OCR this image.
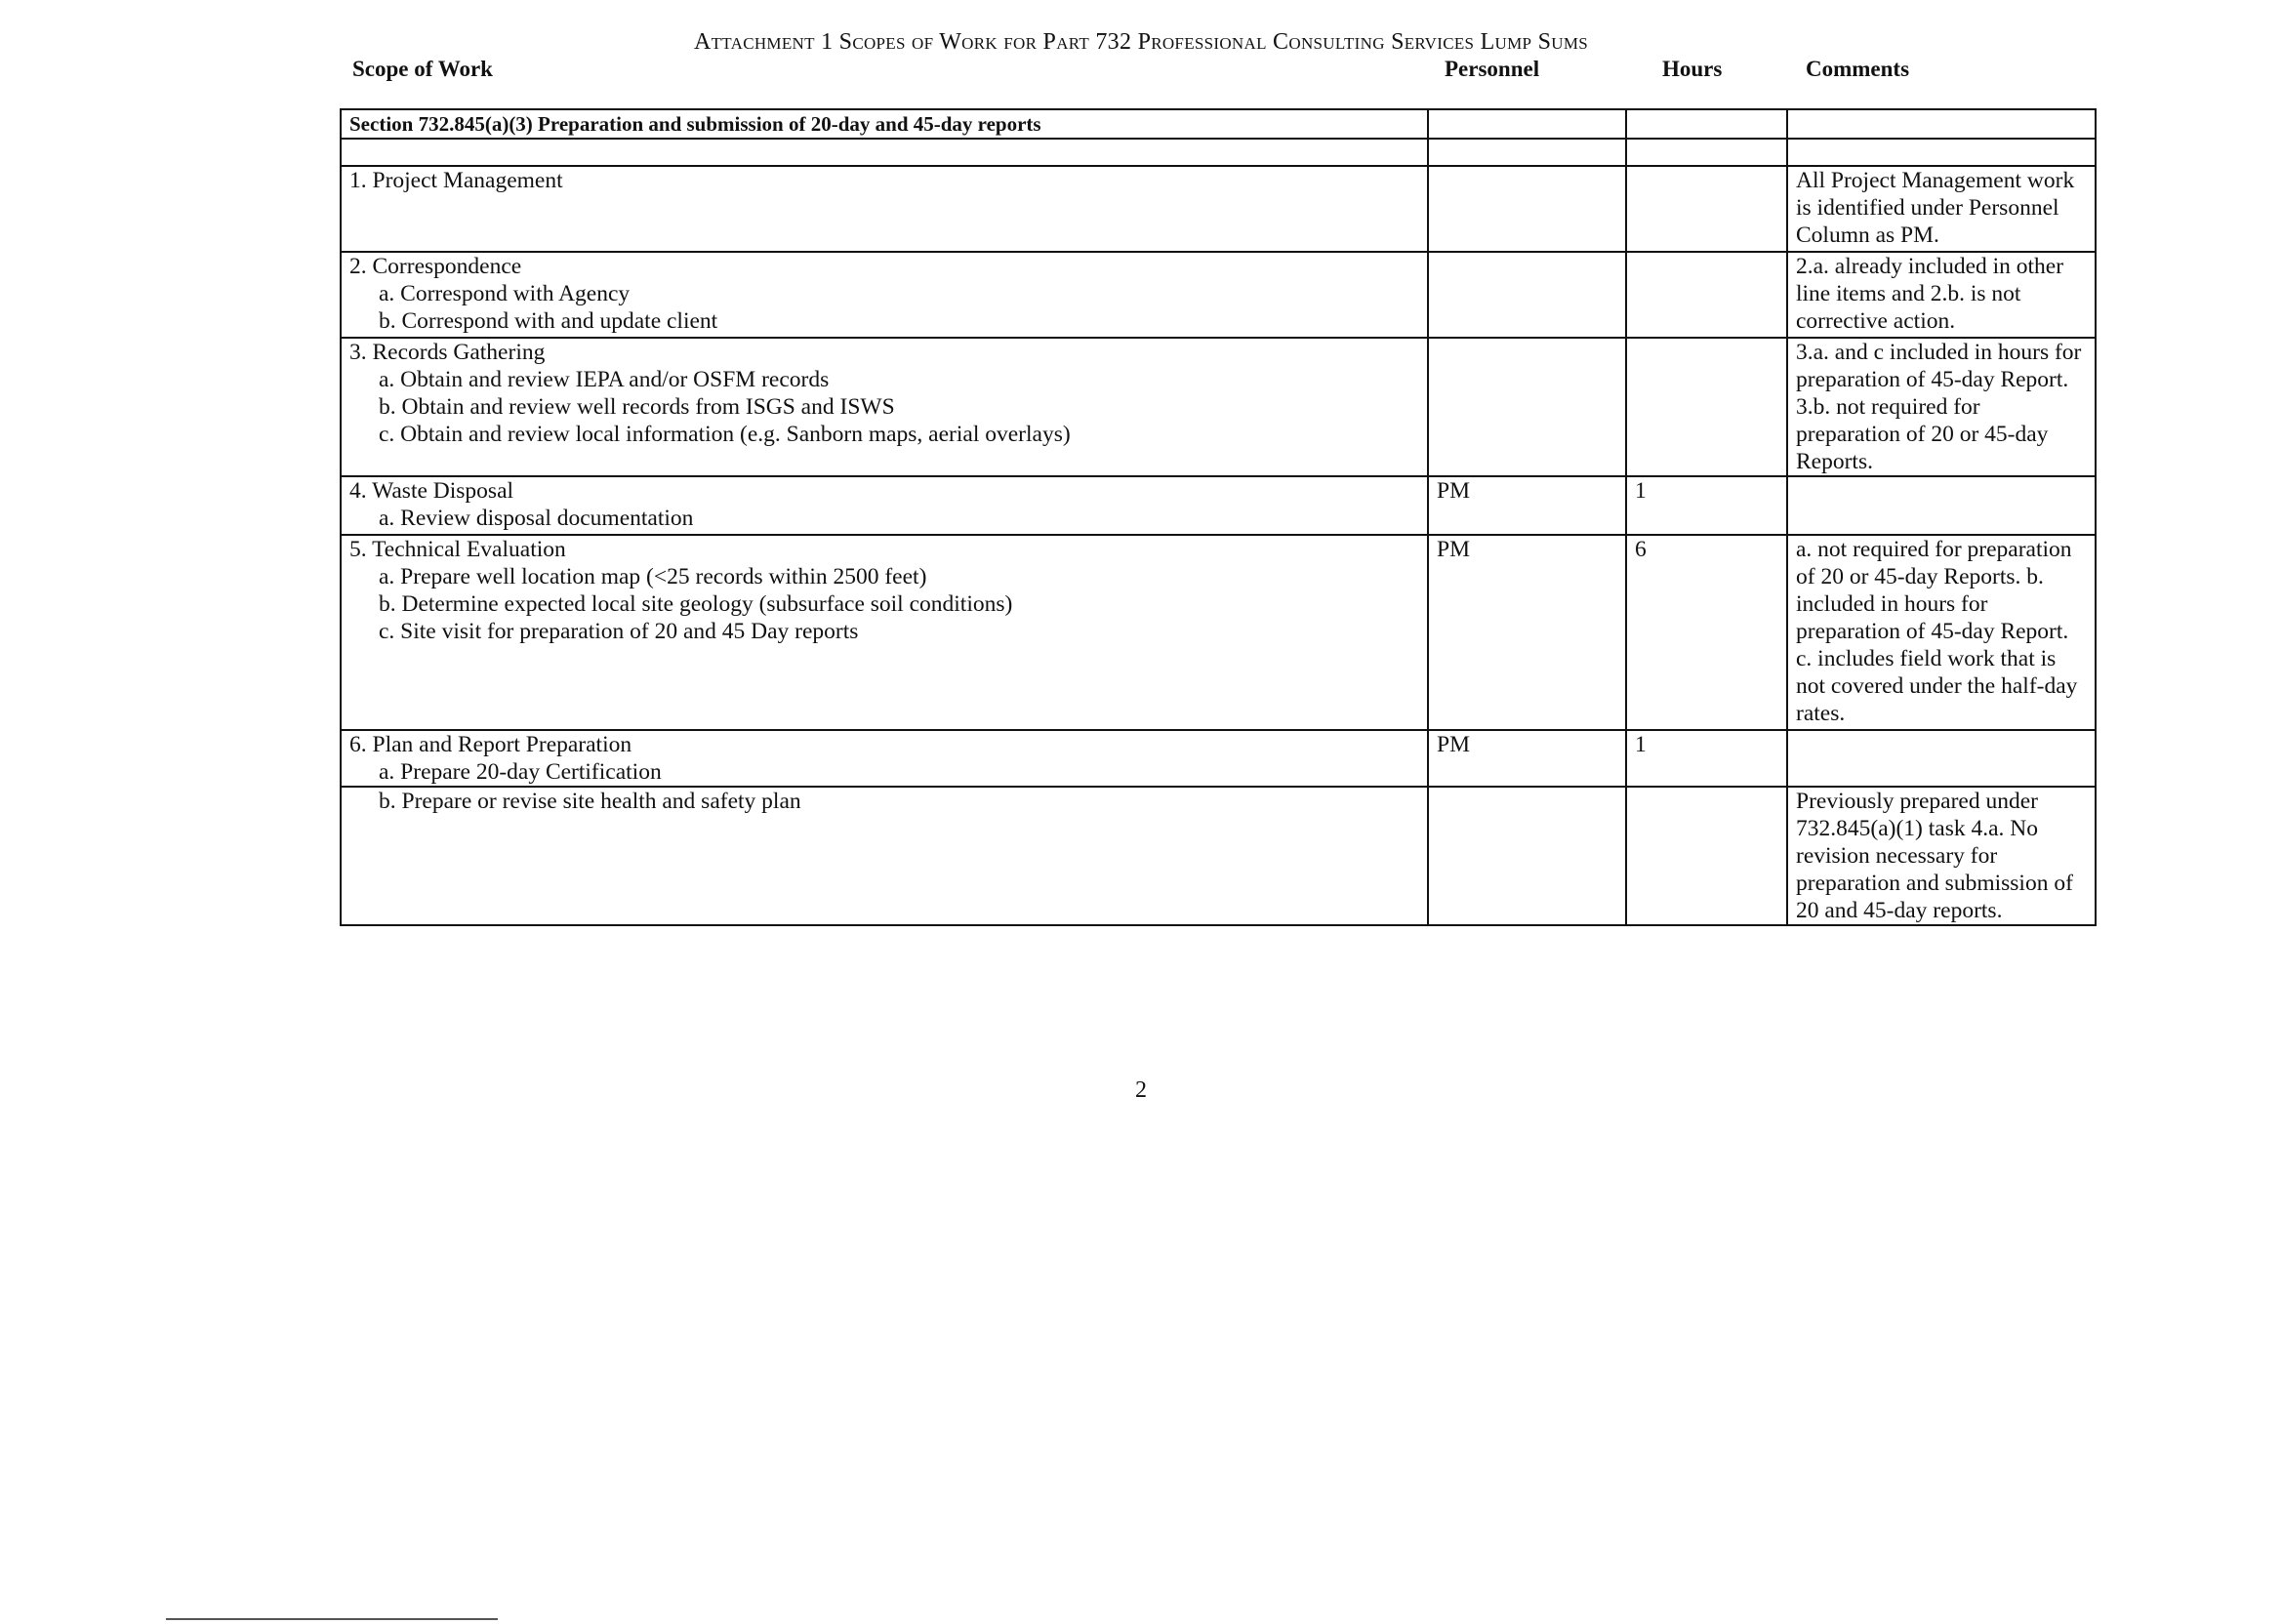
Attachment 1 Scopes of Work for Part 732 Professional Consulting Services Lump Sums
Scope of Work	Personnel	Hours	Comments
Section 732.845(a)(3) Preparation and submission of 20-day and 45-day reports			

1. Project Management			All Project Management work is identified under Personnel Column as PM.

2. Correspondence
a. Correspond with Agency
b. Correspond with and update client			2.a. already included in other line items and 2.b. is not corrective action.

3. Records Gathering
a. Obtain and review IEPA and/or OSFM records
b. Obtain and review well records from ISGS and ISWS
c. Obtain and review local information (e.g. Sanborn maps, aerial overlays)			3.a. and c included in hours for preparation of 45-day Report. 3.b. not required for preparation of 20 or 45-day Reports.

4. Waste Disposal
a. Review disposal documentation	PM	1	

5. Technical Evaluation
a. Prepare well location map (<25 records within 2500 feet)
b. Determine expected local site geology (subsurface soil conditions)
c. Site visit for preparation of 20 and 45 Day reports	PM	6	a. not required for preparation of 20 or 45-day Reports. b. included in hours for preparation of 45-day Report. c. includes field work that is not covered under the half-day rates.

6. Plan and Report Preparation
a. Prepare 20-day Certification	PM	1	

b. Prepare or revise site health and safety plan			Previously prepared under 732.845(a)(1) task 4.a. No revision necessary for preparation and submission of 20 and 45-day reports.
2
